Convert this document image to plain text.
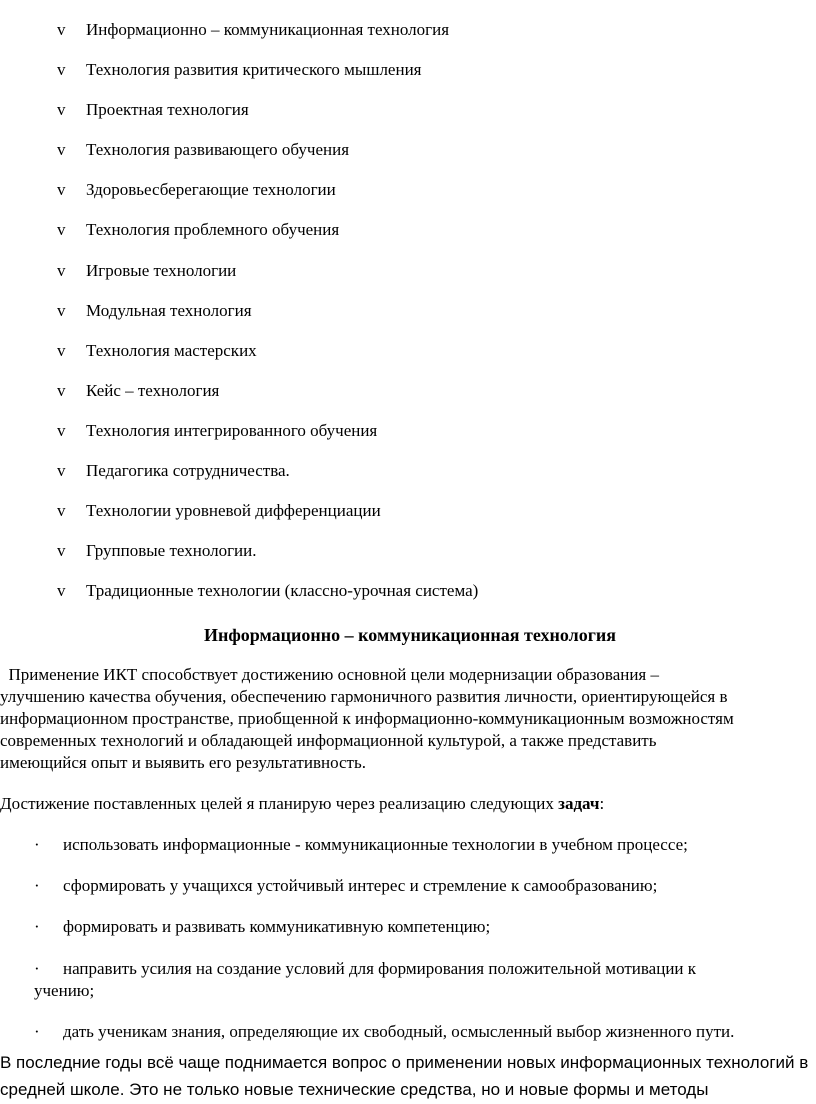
v Информационно – коммуникационная технология
v Технология развития критического мышления
v Проектная технология
v Технология развивающего обучения
v Здоровьесберегающие технологии
v Технология проблемного обучения
v Игровые технологии
v Модульная технология
v Технология мастерских
v Кейс – технология
v Технология интегрированного обучения
v Педагогика сотрудничества.
v Технологии уровневой дифференциации
v Групповые технологии.
v Традиционные технологии (классно-урочная система)
Информационно – коммуникационная технология

Применение ИКТ способствует достижению основной цели модернизации образования –
улучшению качества обучения, обеспечению гармоничного развития личности, ориентирующейся в
информационном пространстве, приобщенной к информационно-коммуникационным возможностям
современных технологий и обладающей информационной культурой, а также представить
имеющийся опыт и выявить его результативность.

Достижение поставленных целей я планирую через реализацию следующих задач:

· использовать информационные - коммуникационные технологии в учебном процессе;
· сформировать у учащихся устойчивый интерес и стремление к самообразованию;
· формировать и развивать коммуникативную компетенцию;
· направить усилия на создание условий для формирования положительной мотивации к
учению;
· дать ученикам знания, определяющие их свободный, осмысленный выбор жизненного пути.

В последние годы всё чаще поднимается вопрос о применении новых информационных технологий в
средней школе. Это не только новые технические средства, но и новые формы и методы
